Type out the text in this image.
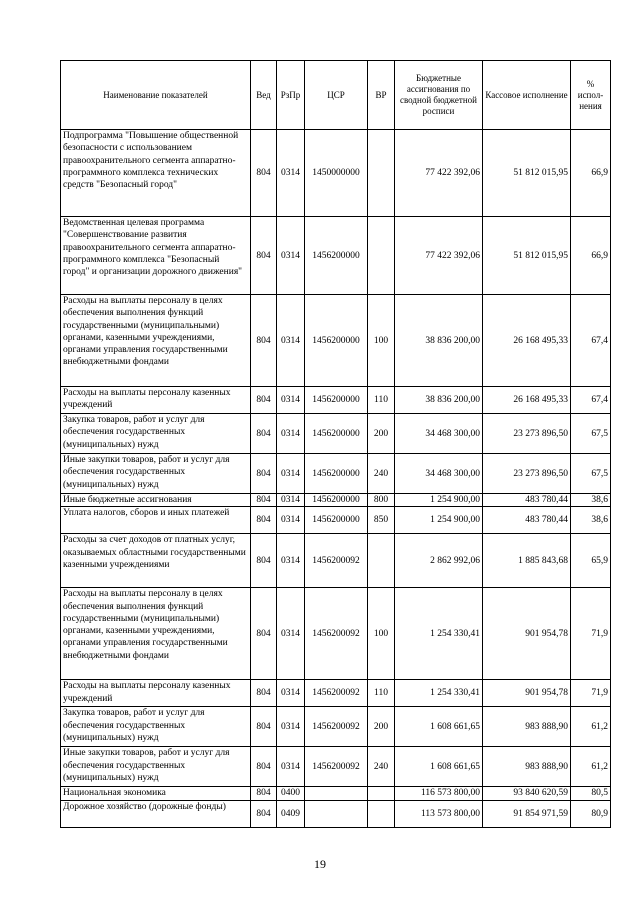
Наименование показателей	Вед	РзПр	ЦСР	ВР	Бюджетные ассигнования по сводной бюджетной росписи	Кассовое исполнение	% испол-нения
Подпрограмма "Повышение общественной безопасности с использованием правоохранительного сегмента аппаратно-программного комплекса технических средств "Безопасный город"	804	0314	1450000000		77 422 392,06	51 812 015,95	66,9
Ведомственная целевая программа "Совершенствование развития правоохранительного сегмента аппаратно-программного комплекса "Безопасный город" и организации дорожного движения"	804	0314	1456200000		77 422 392,06	51 812 015,95	66,9
Расходы на выплаты персоналу в целях обеспечения выполнения функций государственными (муниципальными) органами, казенными учреждениями, органами управления государственными внебюджетными фондами	804	0314	1456200000	100	38 836 200,00	26 168 495,33	67,4
Расходы на выплаты персоналу казенных учреждений	804	0314	1456200000	110	38 836 200,00	26 168 495,33	67,4
Закупка товаров, работ и услуг для обеспечения государственных (муниципальных) нужд	804	0314	1456200000	200	34 468 300,00	23 273 896,50	67,5
Иные закупки товаров, работ и услуг для обеспечения государственных (муниципальных) нужд	804	0314	1456200000	240	34 468 300,00	23 273 896,50	67,5
Иные бюджетные ассигнования	804	0314	1456200000	800	1 254 900,00	483 780,44	38,6
Уплата налогов, сборов и иных платежей	804	0314	1456200000	850	1 254 900,00	483 780,44	38,6
Расходы за счет доходов от платных услуг, оказываемых областными государственными казенными учреждениями	804	0314	1456200092		2 862 992,06	1 885 843,68	65,9
Расходы на выплаты персоналу в целях обеспечения выполнения функций государственными (муниципальными) органами, казенными учреждениями, органами управления государственными внебюджетными фондами	804	0314	1456200092	100	1 254 330,41	901 954,78	71,9
Расходы на выплаты персоналу казенных учреждений	804	0314	1456200092	110	1 254 330,41	901 954,78	71,9
Закупка товаров, работ и услуг для обеспечения государственных (муниципальных) нужд	804	0314	1456200092	200	1 608 661,65	983 888,90	61,2
Иные закупки товаров, работ и услуг для обеспечения государственных (муниципальных) нужд	804	0314	1456200092	240	1 608 661,65	983 888,90	61,2
Национальная экономика	804	0400			116 573 800,00	93 840 620,59	80,5
Дорожное хозяйство (дорожные фонды)	804	0409			113 573 800,00	91 854 971,59	80,9
19
